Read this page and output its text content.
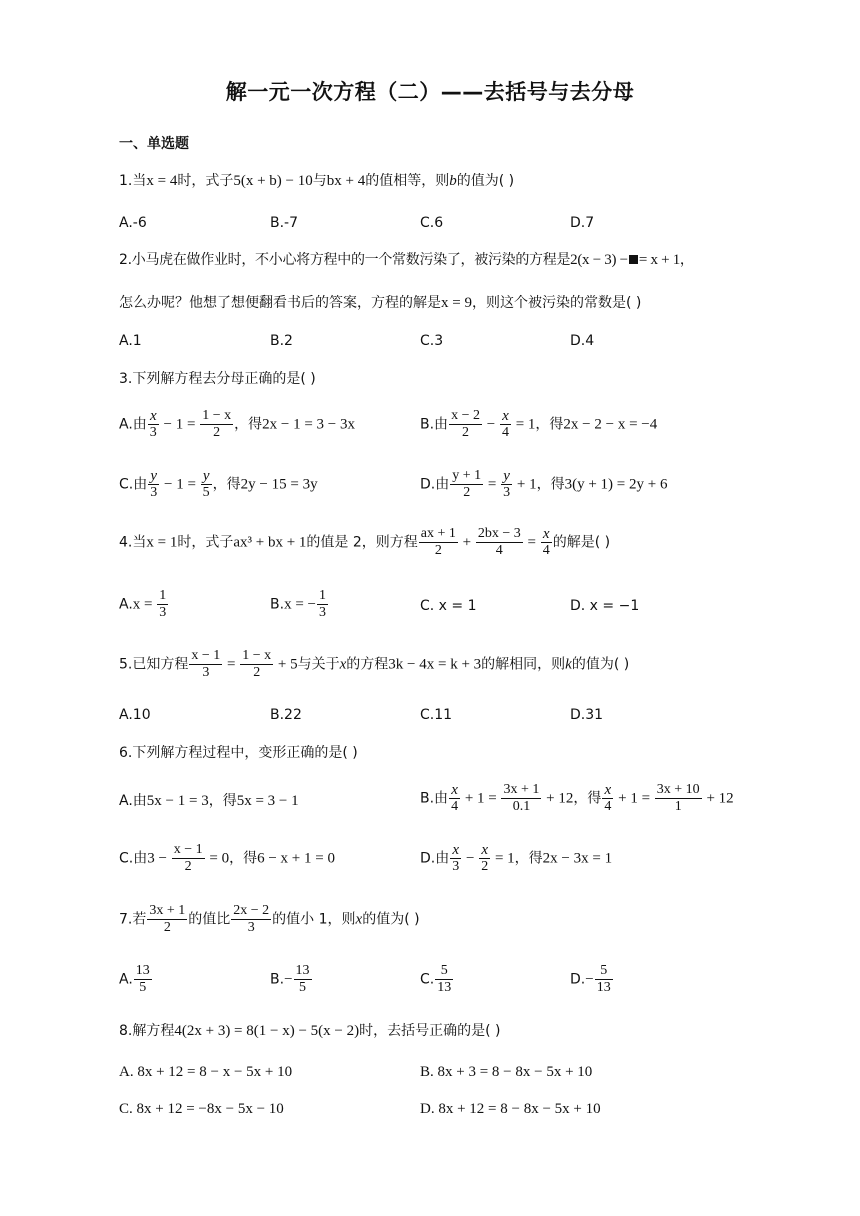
解一元一次方程（二）——去括号与去分母
一、单选题
1.当x = 4时，式子5(x + b) − 10与bx + 4的值相等，则b的值为( )
A.-6	B.-7	C.6	D.7
2.小马虎在做作业时，不小心将方程中的一个常数污染了，被污染的方程是2(x − 3) − = x + 1，
怎么办呢？他想了想便翻看书后的答案，方程的解是x = 9，则这个被污染的常数是( )
A.1	B.2	C.3	D.4
3.下列解方程去分母正确的是( )
A.由 $\frac{x}{3} - 1 = \frac{1 - x}{2}$ ，得2x − 1 = 3 − 3x	B.由 $\frac{x - 2}{2} - \frac{x}{4} = 1$，得2x − 2 − x = −4
C.由 $\frac{y}{3} - 1 = \frac{y}{5}$ ，得2y − 15 = 3y	D.由 $\frac{y + 1}{2} = \frac{y}{3} + 1$，得3(y + 1) = 2y + 6
4.当x = 1时，式子ax³ + bx + 1的值是 2，则方程 $\frac{ax + 1}{2} + \frac{2bx - 3}{4} = \frac{x}{4}$ 的解是( )
$A.x = \frac{1}{3}$	B.x = − $\frac{1}{3}$	C. x = 1	D. x = −1
5.已知方程 $\frac{x - 1}{3} = \frac{1 - x}{2} + 5$与关于x的方程3k − 4x = k + 3的解相同，则k的值为( )
A.10	B.22	C.11	D.31
6.下列解方程过程中，变形正确的是( )
A.由5x − 1 = 3，得5x = 3 − 1	B.由 $\frac{x}{4} + 1 = \frac{3x + 1}{0.1} + 12$，得 $\frac{x}{4} + 1 = \frac{3x + 10}{1} + 12$
C.由$3 - \frac{x - 1}{2} = 0$，得6 − x + 1 = 0	D.由 $\frac{x}{3} - \frac{x}{2} = 1$，得2x − 3x = 1
7.若 $\frac{3x + 1}{2}$ 的值比 $\frac{2x - 2}{3}$ 的值小 1，则x的值为( )
A. $\frac{13}{5}$	$B.- \frac{13}{5}$	C. $\frac{5}{13}$	$D.- \frac{5}{13}$
8.解方程4(2x + 3) = 8(1 − x) − 5(x − 2)时，去括号正确的是( )
A. 8x + 12 = 8 − x − 5x + 10	B. 8x + 3 = 8 − 8x − 5x + 10
C. 8x + 12 = −8x − 5x − 10	D. 8x + 12 = 8 − 8x − 5x + 10
